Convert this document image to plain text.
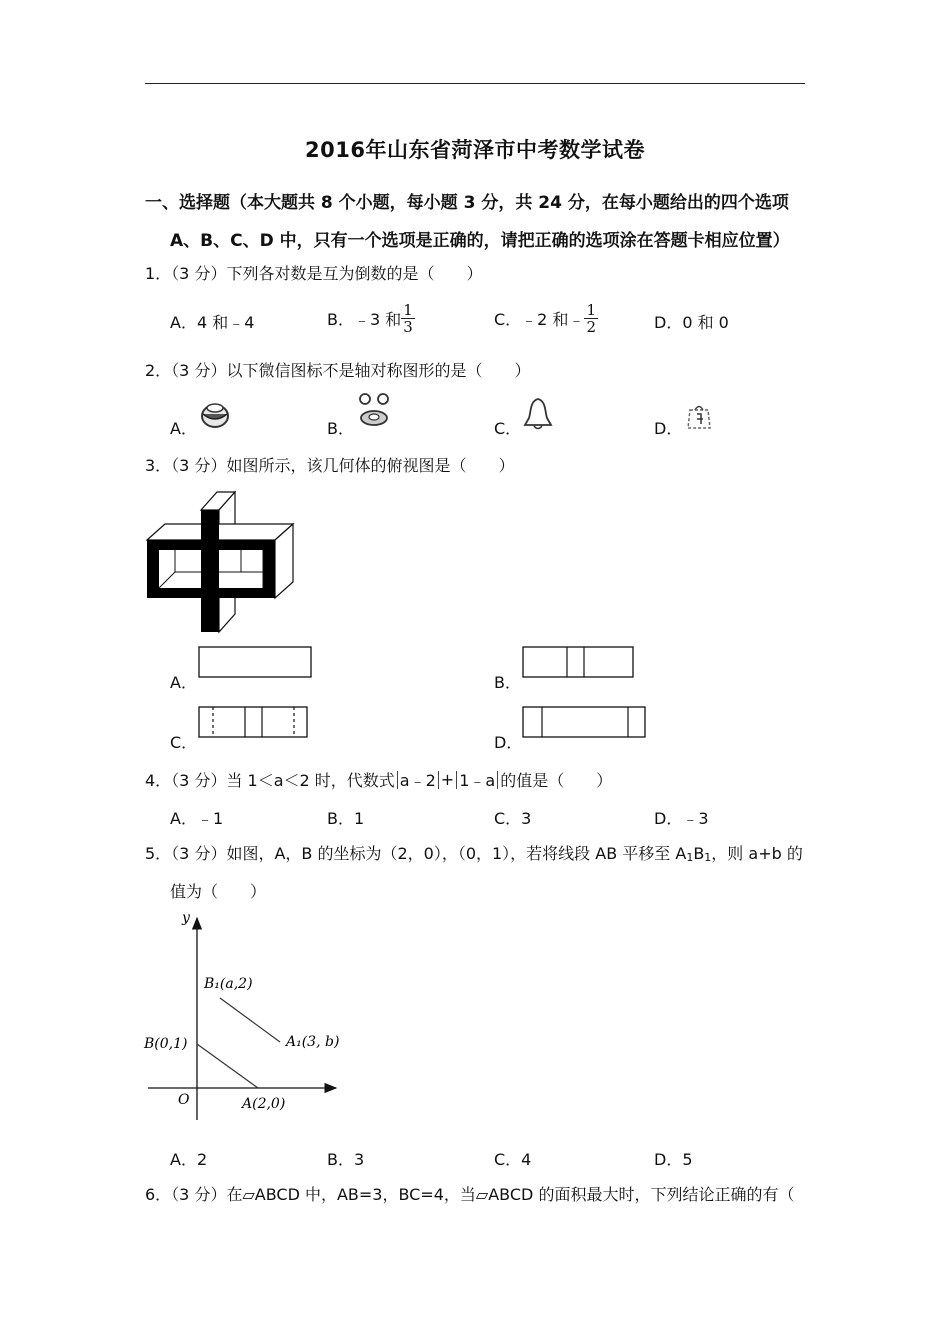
2016年山东省菏泽市中考数学试卷
一、选择题（本大题共 8 个小题，每小题 3 分，共 24 分，在每小题给出的四个选项
A、B、C、D 中，只有一个选项是正确的，请把正确的选项涂在答题卡相应位置）
1．（3 分）下列各对数是互为倒数的是（　　）
A．4 和﹣4	B．﹣3 和 $\frac{1}{3}$	C．﹣2 和﹣ $\frac{1}{2}$	D．0 和 0
2．（3 分）以下微信图标不是轴对称图形的是（　　）
A．	B．	C．	D．
3．（3 分）如图所示，该几何体的俯视图是（　　）
A．	B．
C．	D．
4．（3 分）当 1＜a＜2 时，代数式 a﹣2 + 1﹣a 的值是（　　）
A．﹣1	B．1	C．3	D．﹣3
5．（3 分）如图，A，B 的坐标为（2，0），（0，1），若将线段 AB 平移至 A1B1，则 a+b 的
值为（　　）
y
O
B₁(a,2)
A₁(3, b)
B(0,1)
A(2,0)
A．2	B．3	C．4	D．5
6．（3 分）在▱ABCD 中，AB=3，BC=4，当▱ABCD 的面积最大时，下列结论正确的有（
